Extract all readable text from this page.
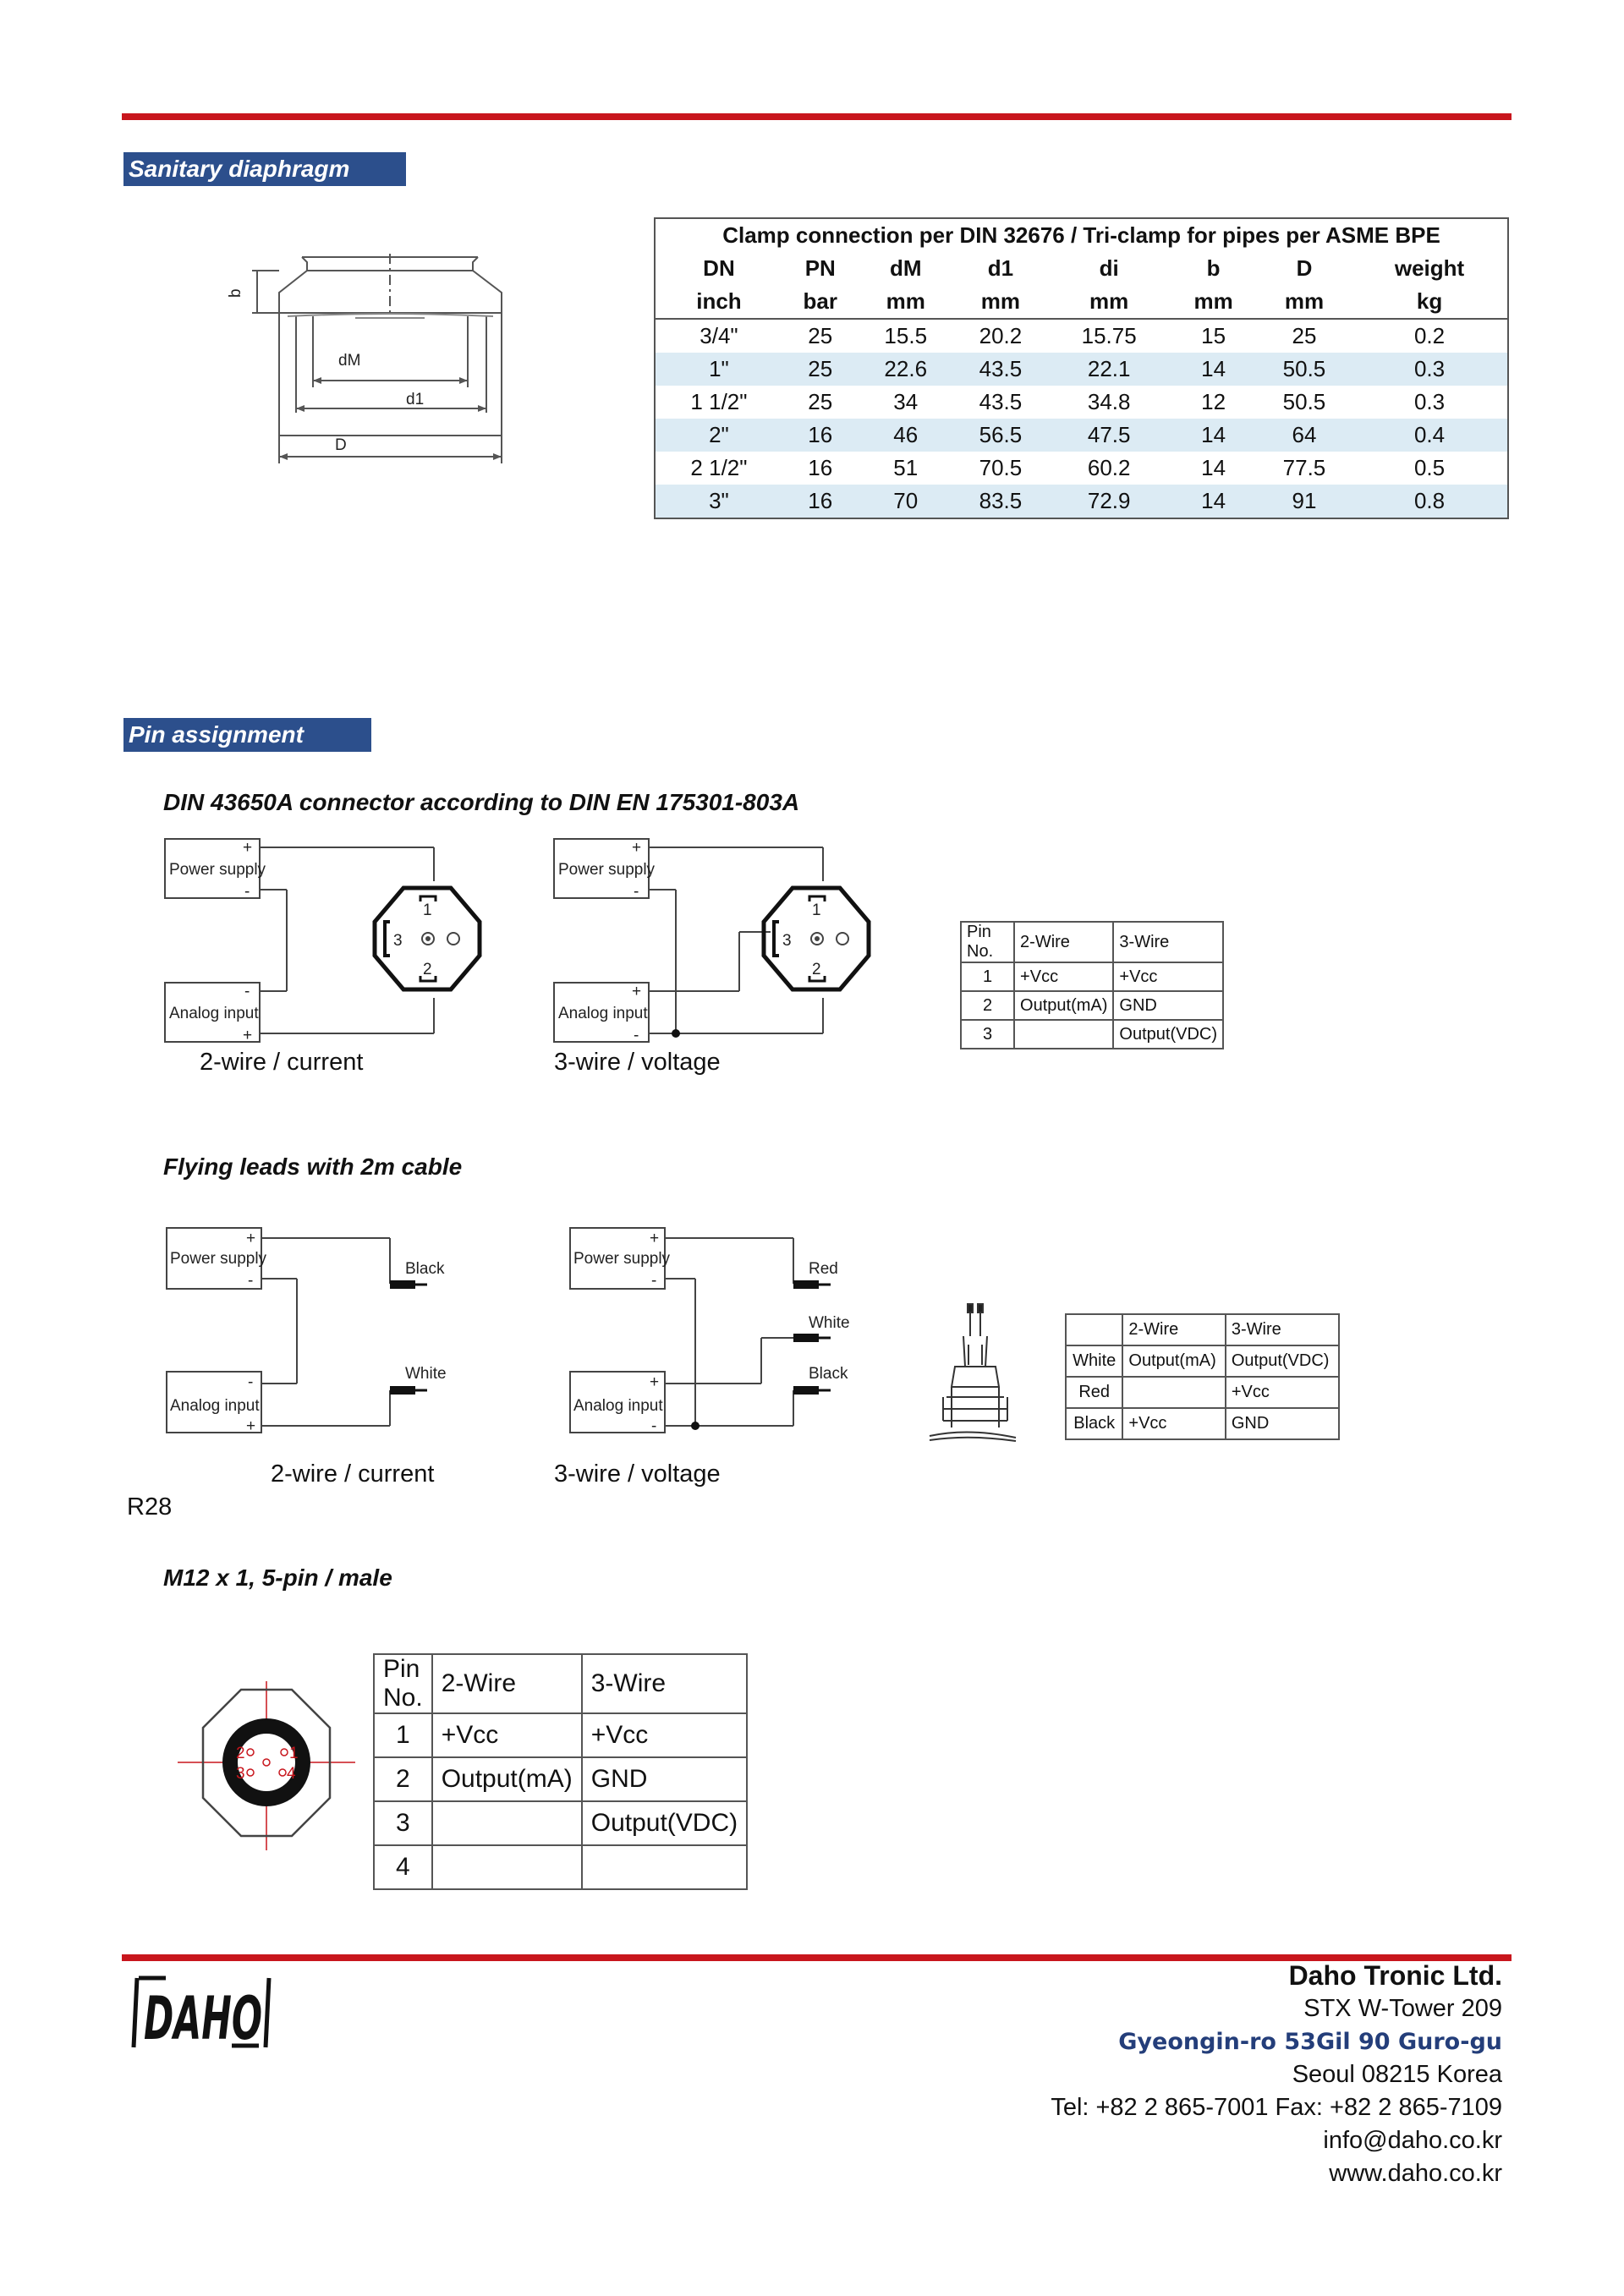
Sanitary diaphragm
b
dM
d1
D
Clamp connection per DIN 32676 / Tri-clamp for pipes per ASME BPE							
DN	PN	dM	d1	di	b	D	weight
inch	bar	mm	mm	mm	mm	mm	kg
3/4"	25	15.5	20.2	15.75	15	25	0.2
1"	25	22.6	43.5	22.1	14	50.5	0.3
1 1/2"	25	34	43.5	34.8	12	50.5	0.3
2"	16	46	56.5	47.5	14	64	0.4
2 1/2"	16	51	70.5	60.2	14	77.5	0.5
3"	16	70	83.5	72.9	14	91	0.8
Pin assignment
DIN 43650A connector according to DIN EN 175301-803A
Power supply
Analog input
+
-
-
+
1
2
3
2-wire / current
Power supply
Analog input
+
-
+
-
1
2
3
3-wire / voltage
Pin No.	2-Wire	3-Wire
1	+Vcc	+Vcc
2	Output(mA)	GND
3		Output(VDC)
Flying leads with 2m cable
Power supply
Analog input
+
-
-
+
Black
White
2-wire / current
Power supply
Analog input
+
-
+
-
Red
White
Black
3-wire / voltage
	2-Wire	3-Wire
White	Output(mA)	Output(VDC)
Red		+Vcc
Black	+Vcc	GND
R28
M12 x 1, 5-pin / male
1
2
3	4
Pin No.	2-Wire	3-Wire
1	+Vcc	+Vcc
2	Output(mA)	GND
3		Output(VDC)
4		
DAHO
Daho Tronic Ltd.
STX W-Tower 209
Gyeongin-ro 53Gil 90 Guro-gu
Seoul 08215 Korea
Tel: +82 2 865-7001 Fax: +82 2 865-7109
info@daho.co.kr
www.daho.co.kr
